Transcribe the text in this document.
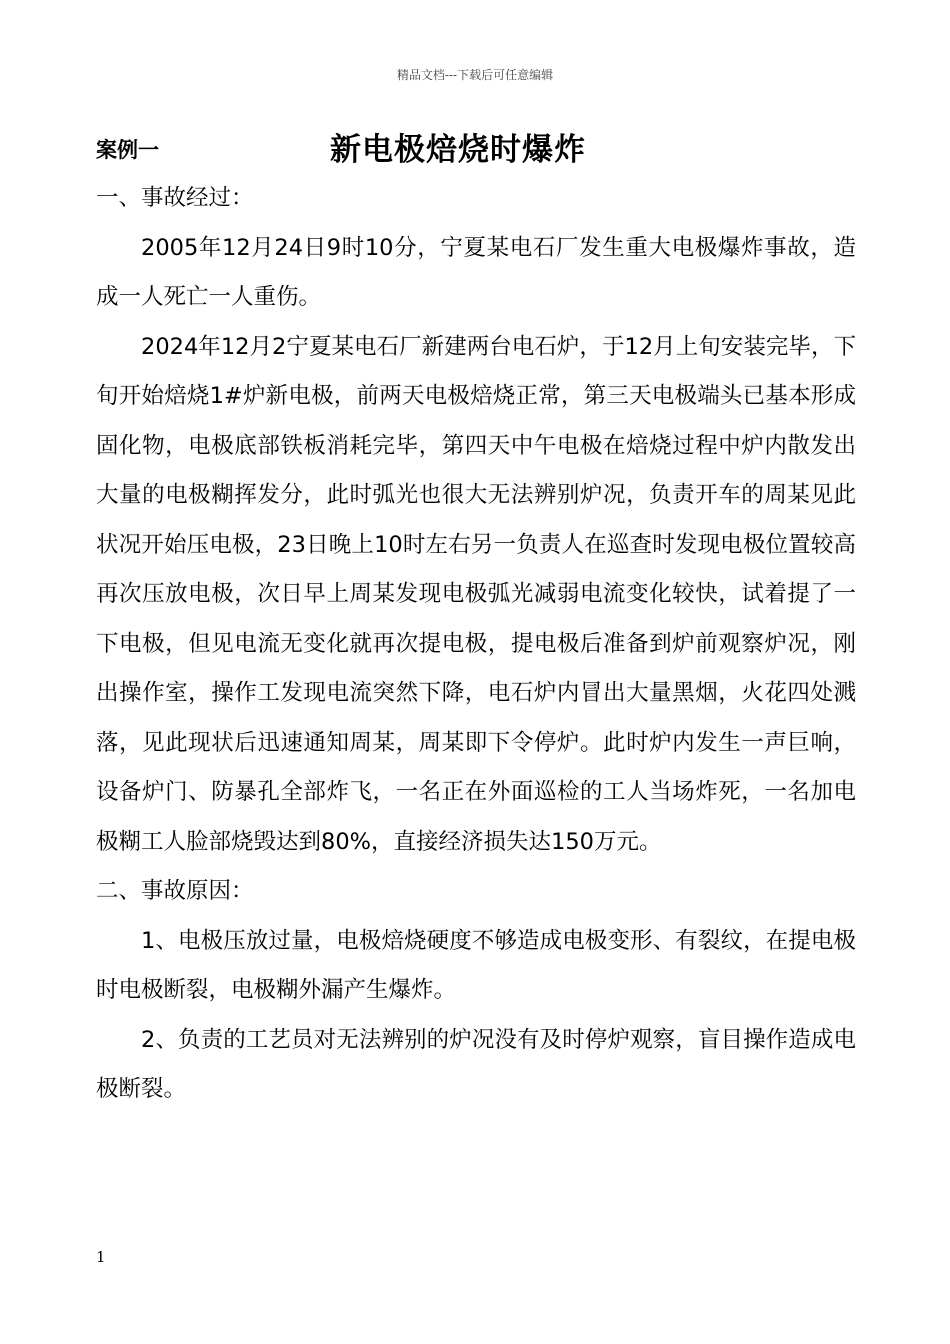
精品文档---下载后可任意编辑
案例一	新电极焙烧时爆炸

一、事故经过：

2005年12月24日9时10分，宁夏某电石厂发生重大电极爆炸事故，造成一人死亡一人重伤。

2024年12月2宁夏某电石厂新建两台电石炉，于12月上旬安装完毕，下旬开始焙烧1#炉新电极，前两天电极焙烧正常，第三天电极端头已基本形成固化物，电极底部铁板消耗完毕，第四天中午电极在焙烧过程中炉内散发出大量的电极糊挥发分，此时弧光也很大无法辨别炉况，负责开车的周某见此状况开始压电极，23日晚上10时左右另一负责人在巡查时发现电极位置较高再次压放电极，次日早上周某发现电极弧光减弱电流变化较快，试着提了一下电极，但见电流无变化就再次提电极，提电极后准备到炉前观察炉况，刚出操作室，操作工发现电流突然下降，电石炉内冒出大量黑烟，火花四处溅落，见此现状后迅速通知周某，周某即下令停炉。此时炉内发生一声巨响，设备炉门、防暴孔全部炸飞，一名正在外面巡检的工人当场炸死，一名加电极糊工人脸部烧毁达到80%，直接经济损失达150万元。

二、事故原因：

1、电极压放过量，电极焙烧硬度不够造成电极变形、有裂纹，在提电极时电极断裂，电极糊外漏产生爆炸。

2、负责的工艺员对无法辨别的炉况没有及时停炉观察，盲目操作造成电极断裂。

1
